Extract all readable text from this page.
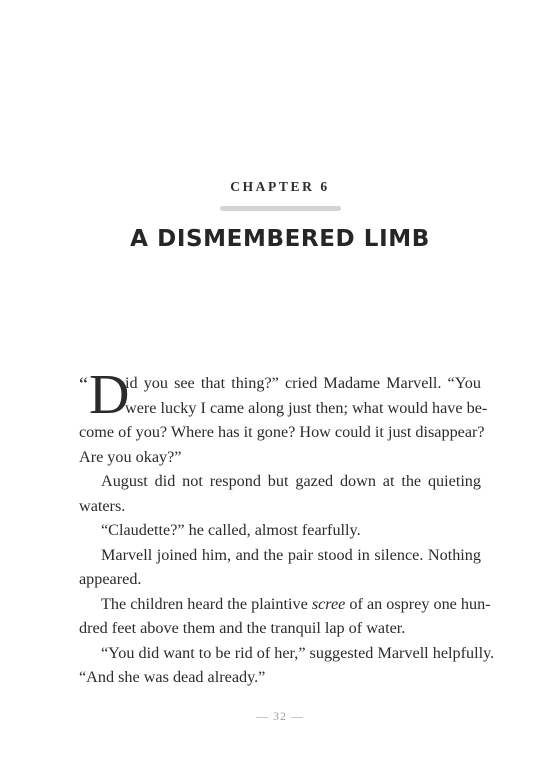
CHAPTER 6
A DISMEMBERED LIMB
“ D
id you see that thing?” cried Madame Marvell. “You
were lucky I came along just then; what would have be-
come of you? Where has it gone? How could it just disappear?
Are you okay?”
August did not respond but gazed down at the quieting
waters.
“Claudette?” he called, almost fearfully.
Marvell joined him, and the pair stood in silence. Nothing
appeared.
The children heard the plaintive scree of an osprey one hun-
dred feet above them and the tranquil lap of water.
“You did want to be rid of her,” suggested Marvell helpfully.
“And she was dead already.”
— 32 —
